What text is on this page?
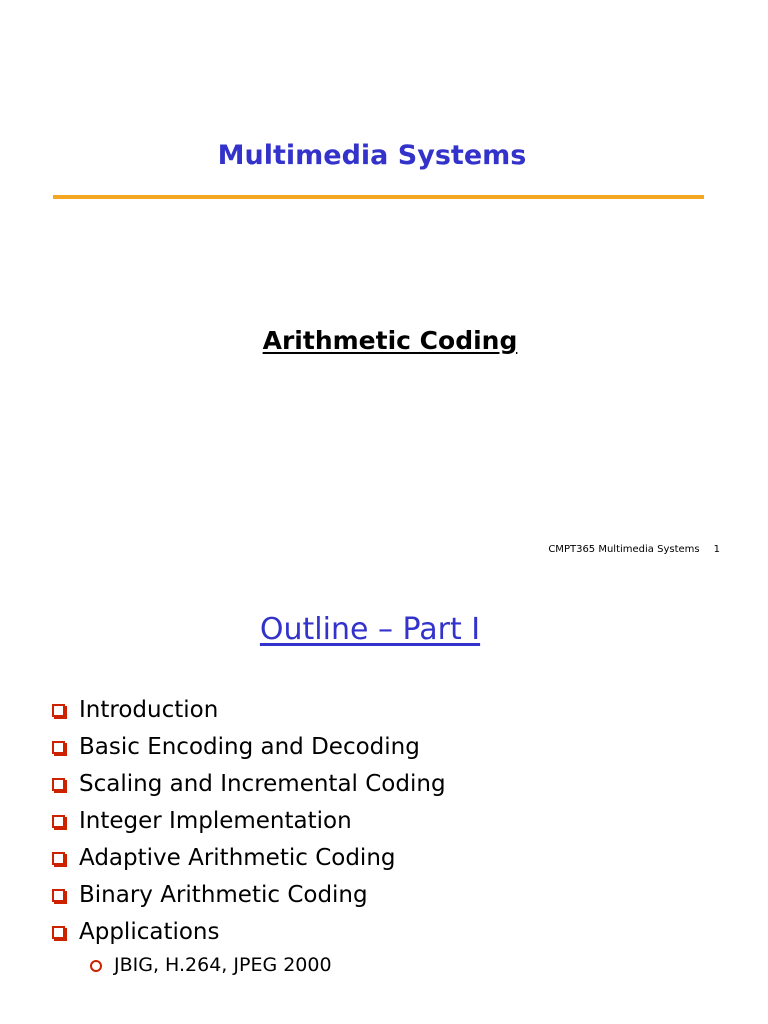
Multimedia Systems
Arithmetic Coding
CMPT365 Multimedia Systems 1
Outline – Part I
Introduction
Basic Encoding and Decoding
Scaling and Incremental Coding
Integer Implementation
Adaptive Arithmetic Coding
Binary Arithmetic Coding
Applications
JBIG, H.264, JPEG 2000
